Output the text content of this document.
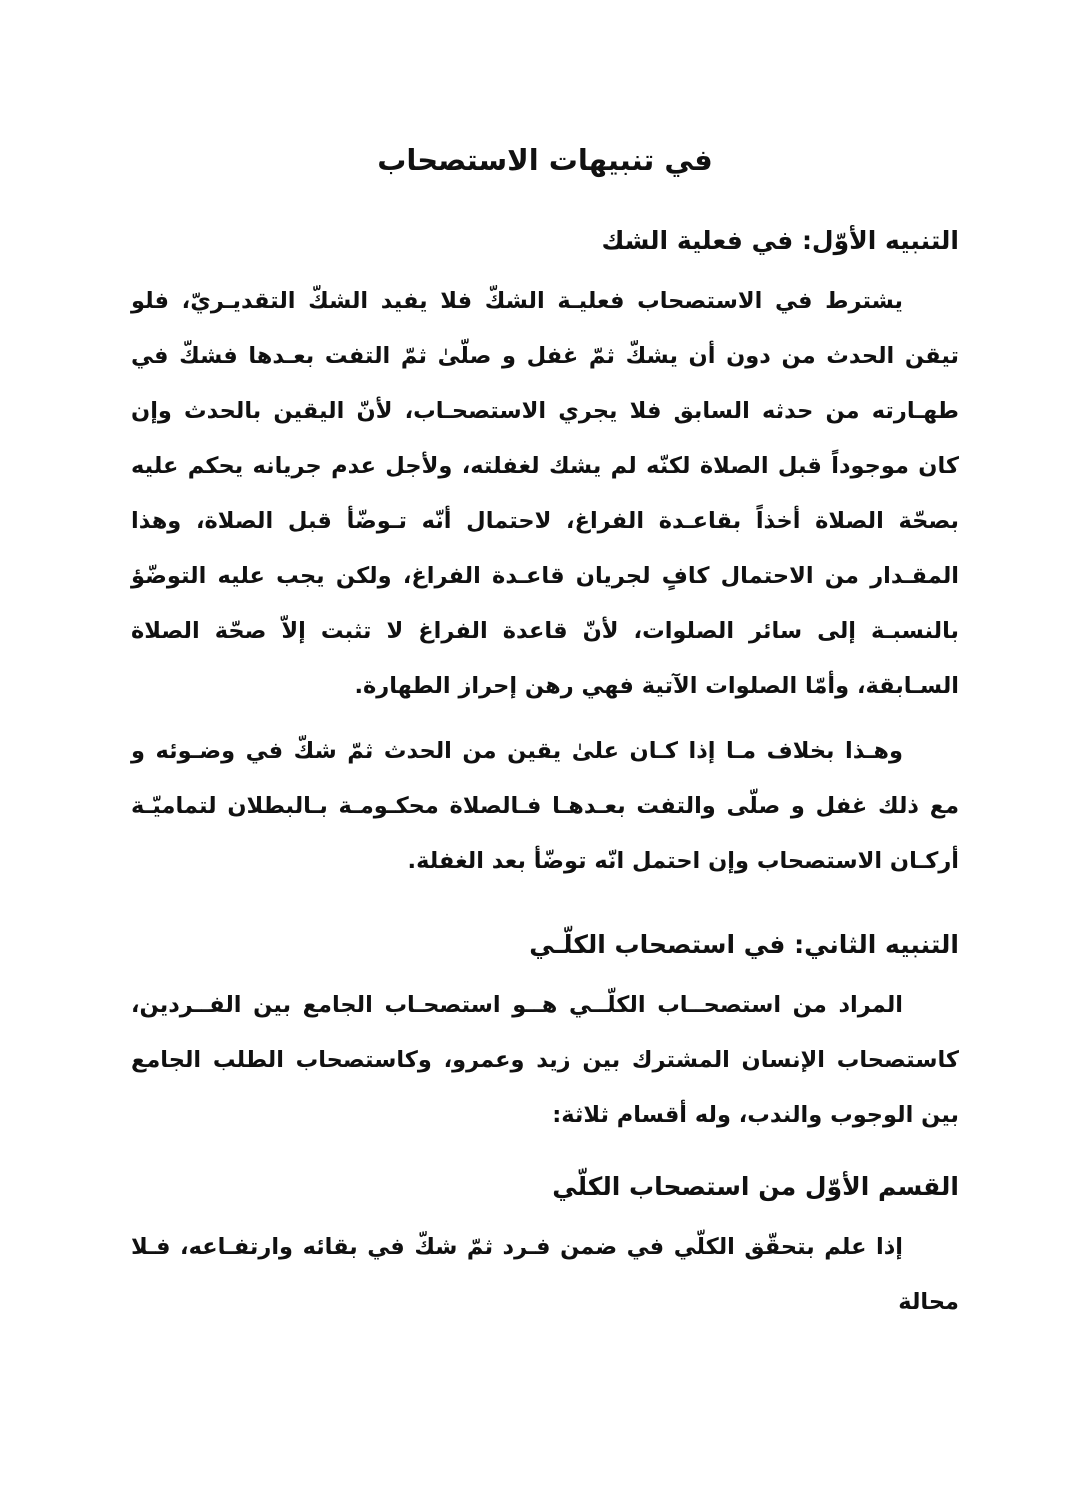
في تنبيهات الاستصحاب
التنبيه الأوّل: في فعلية الشك

يشترط في الاستصحاب فعليـة الشكّ فلا يفيد الشكّ التقديـريّ، فلو تيقن الحدث من دون أن يشكّ ثمّ غفل و صلّىٰ ثمّ التفت بعـدها فشكّ في طهـارته من حدثه السابق فلا يجري الاستصحـاب، لأنّ اليقين بالحدث وإن كان موجوداً قبل الصلاة لكنّه لم يشك لغفلته، ولأجل عدم جريانه يحكم عليه بصحّة الصلاة أخذاً بقاعـدة الفراغ، لاحتمال أنّه تـوضّأ قبل الصلاة، وهذا المقـدار من الاحتمال كافٍ لجريان قاعـدة الفراغ، ولكن يجب عليه التوضّؤ بالنسبـة إلى سائر الصلوات، لأنّ قاعدة الفراغ لا تثبت إلاّ صحّة الصلاة السـابقة، وأمّا الصلوات الآتية فهي رهن إحراز الطهارة.

وهـذا بخلاف مـا إذا كـان علىٰ يقين من الحدث ثمّ شكّ في وضـوئه و مع ذلك غفل و صلّى والتفت بعـدهـا فـالصلاة محكـومـة بـالبطلان لتماميّـة أركـان الاستصحاب وإن احتمل انّه توضّأ بعد الغفلة.

التنبيه الثاني: في استصحاب الكلّـي

المراد من استصحــاب الكلّــي هــو استصحـاب الجامع بين الفــردين، كاستصحاب الإنسان المشترك بين زيد وعمرو، وكاستصحاب الطلب الجامع بين الوجوب والندب، وله أقسام ثلاثة:

القسم الأوّل من استصحاب الكلّي

إذا علم بتحقّق الكلّي في ضمن فـرد ثمّ شكّ في بقائه وارتفـاعه، فـلا محالة
